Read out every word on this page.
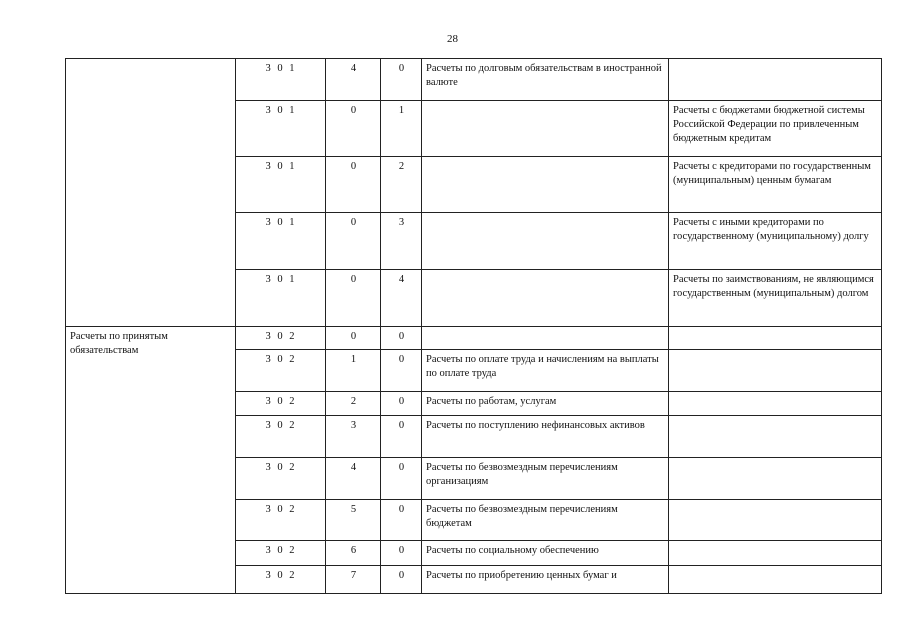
28
	3 0 1	4	0	Расчеты по долговым обязательствам в иностранной валюте	
	3 0 1	0	1		Расчеты с бюджетами бюджетной системы Российской Федерации по привлеченным бюджетным кредитам
	3 0 1	0	2		Расчеты с кредиторами по государственным (муниципальным) ценным бумагам
	3 0 1	0	3		Расчеты с иными кредиторами по государственному (муниципальному) долгу
	3 0 1	0	4		Расчеты по заимствованиям, не являющимся государственным (муниципальным) долгом
Расчеты по принятым обязательствам	3 0 2	0	0		
	3 0 2	1	0	Расчеты по оплате труда и начислениям на выплаты по оплате труда	
	3 0 2	2	0	Расчеты по работам, услугам	
	3 0 2	3	0	Расчеты по поступлению нефинансовых активов	
	3 0 2	4	0	Расчеты по безвозмездным перечислениям организациям	
	3 0 2	5	0	Расчеты по безвозмездным перечислениям бюджетам	
	3 0 2	6	0	Расчеты по социальному обеспечению	
	3 0 2	7	0	Расчеты по приобретению ценных бумаг и	
